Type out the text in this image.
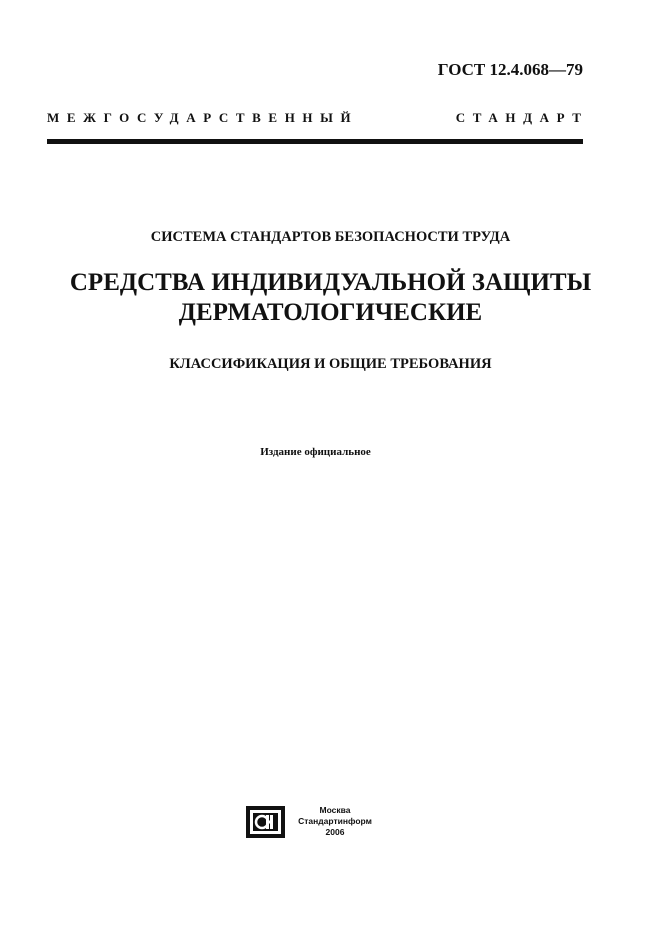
ГОСТ 12.4.068—79
МЕЖГОСУДАРСТВЕННЫЙ	СТАНДАРТ
СИСТЕМА СТАНДАРТОВ БЕЗОПАСНОСТИ ТРУДА
СРЕДСТВА ИНДИВИДУАЛЬНОЙ ЗАЩИТЫ
ДЕРМАТОЛОГИЧЕСКИЕ
КЛАССИФИКАЦИЯ И ОБЩИЕ ТРЕБОВАНИЯ
Издание официальное
Москва
Стандартинформ
2006
